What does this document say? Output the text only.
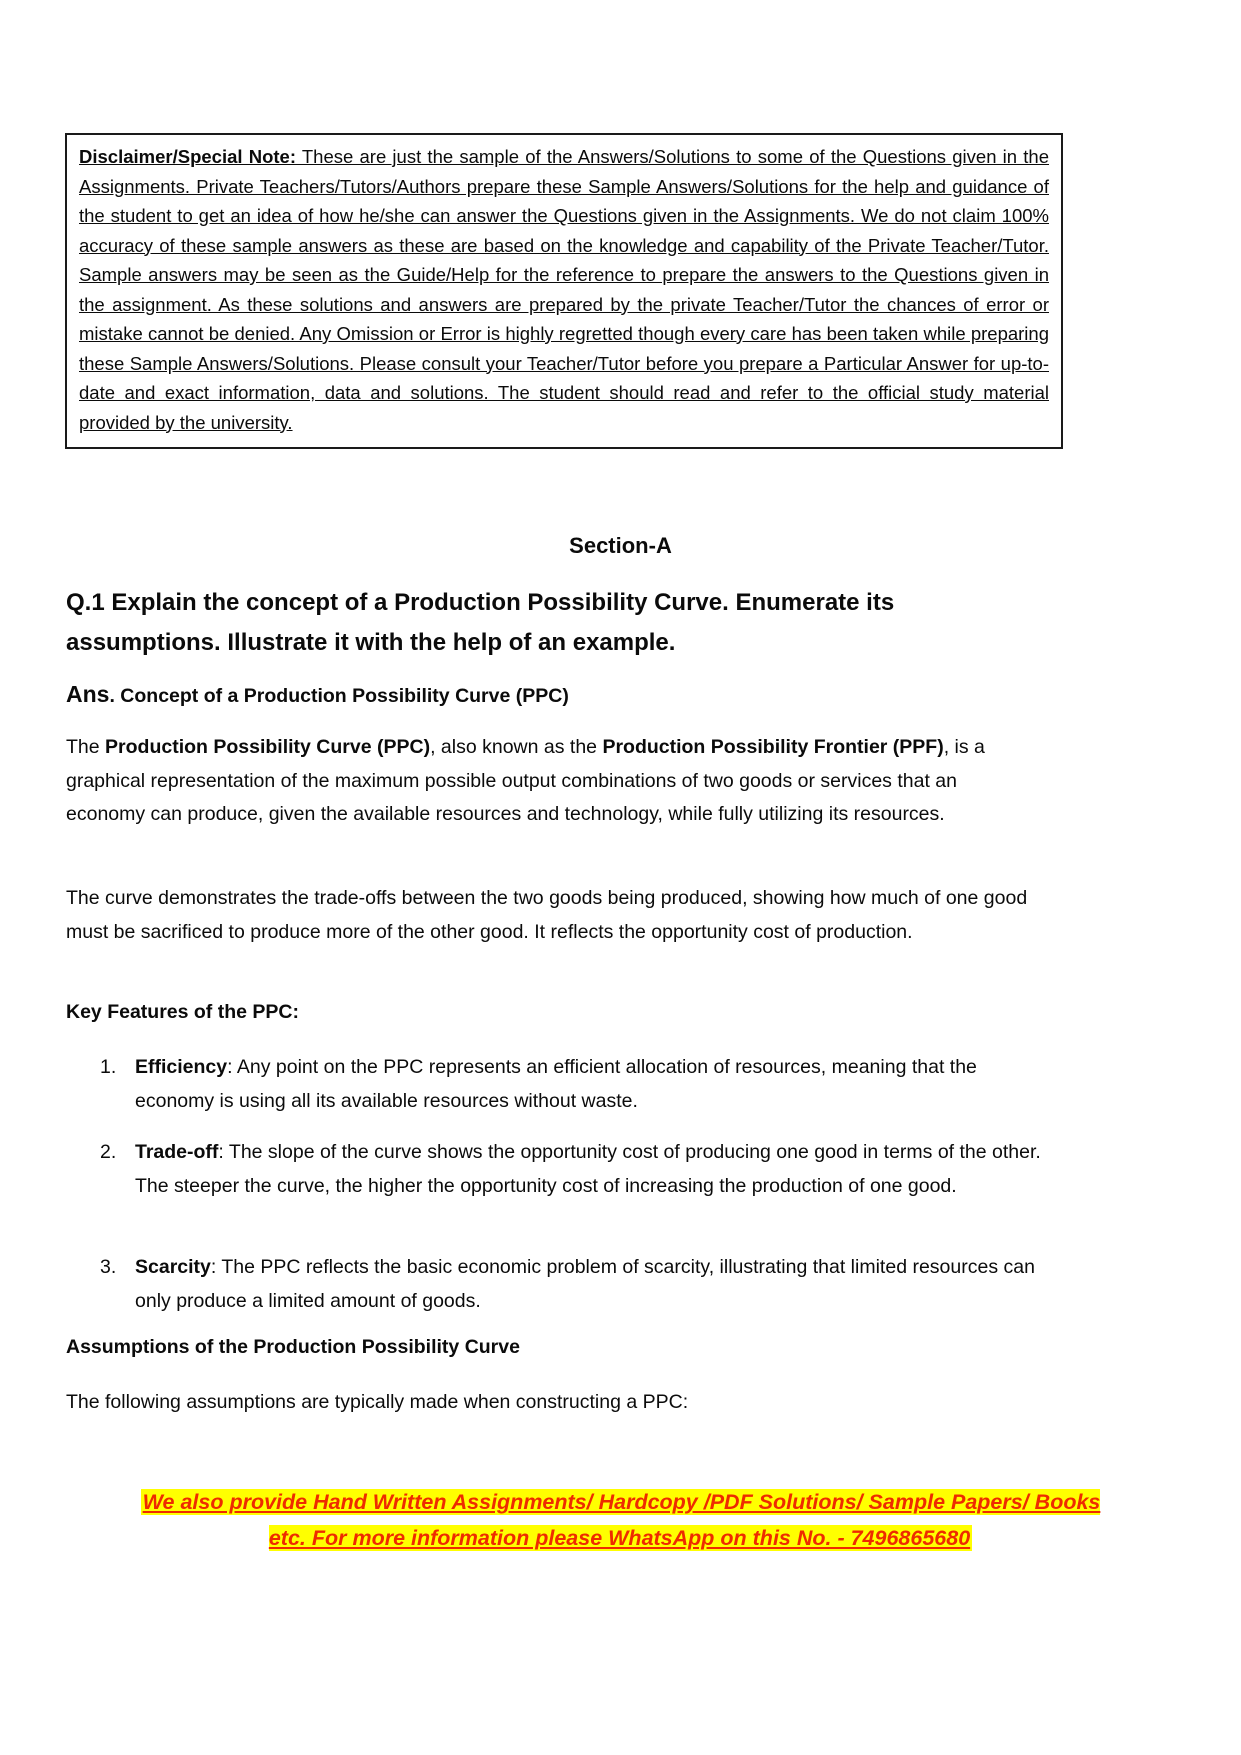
Disclaimer/Special Note: These are just the sample of the Answers/Solutions to some of the Questions given in the Assignments. Private Teachers/Tutors/Authors prepare these Sample Answers/Solutions for the help and guidance of the student to get an idea of how he/she can answer the Questions given in the Assignments. We do not claim 100% accuracy of these sample answers as these are based on the knowledge and capability of the Private Teacher/Tutor. Sample answers may be seen as the Guide/Help for the reference to prepare the answers to the Questions given in the assignment. As these solutions and answers are prepared by the private Teacher/Tutor the chances of error or mistake cannot be denied. Any Omission or Error is highly regretted though every care has been taken while preparing these Sample Answers/Solutions. Please consult your Teacher/Tutor before you prepare a Particular Answer for up-to-date and exact information, data and solutions. The student should read and refer to the official study material provided by the university.

Section-A
Q.1 Explain the concept of a Production Possibility Curve. Enumerate its assumptions. Illustrate it with the help of an example.
Ans. Concept of a Production Possibility Curve (PPC)

The Production Possibility Curve (PPC), also known as the Production Possibility Frontier (PPF), is a graphical representation of the maximum possible output combinations of two goods or services that an economy can produce, given the available resources and technology, while fully utilizing its resources.

The curve demonstrates the trade-offs between the two goods being produced, showing how much of one good must be sacrificed to produce more of the other good. It reflects the opportunity cost of production.

Key Features of the PPC:
1. Efficiency: Any point on the PPC represents an efficient allocation of resources, meaning that the economy is using all its available resources without waste.
2. Trade-off: The slope of the curve shows the opportunity cost of producing one good in terms of the other. The steeper the curve, the higher the opportunity cost of increasing the production of one good.
3. Scarcity: The PPC reflects the basic economic problem of scarcity, illustrating that limited resources can only produce a limited amount of goods.
Assumptions of the Production Possibility Curve

The following assumptions are typically made when constructing a PPC:

We also provide Hand Written Assignments/ Hardcopy /PDF Solutions/ Sample Papers/ Books etc. For more information please WhatsApp on this No. - 7496865680
